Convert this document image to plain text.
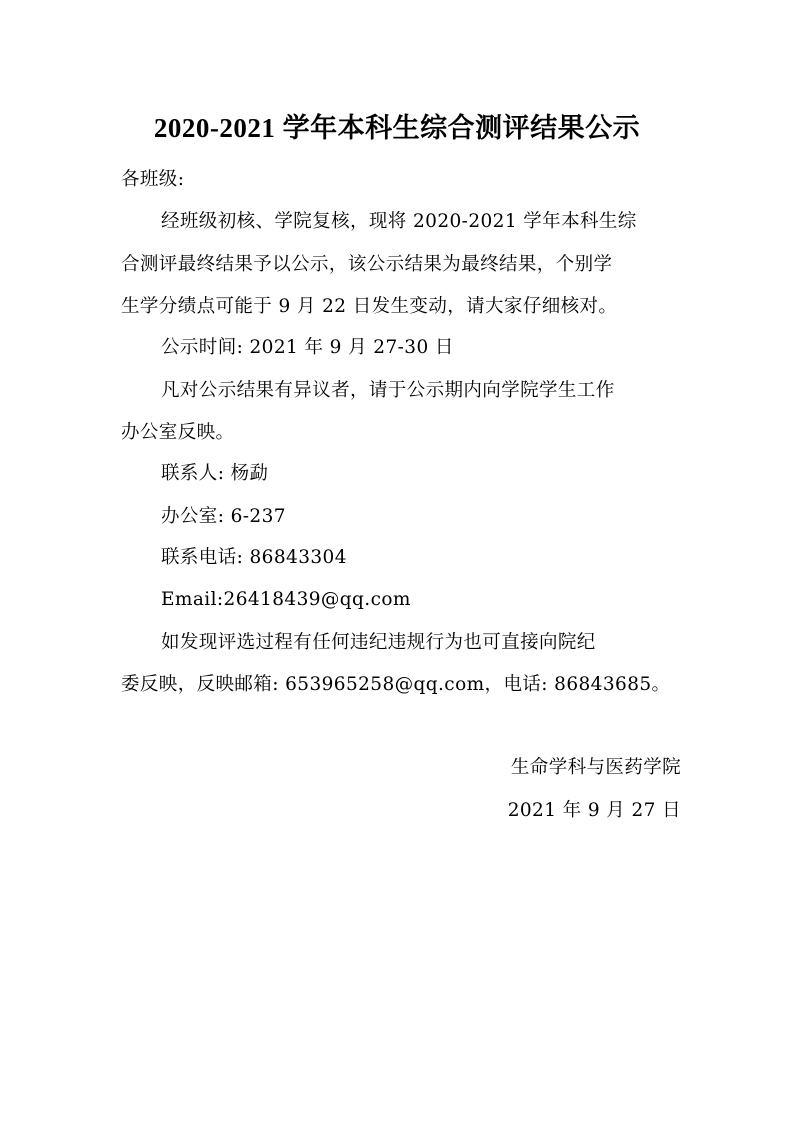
2020-2021 学年本科生综合测评结果公示
各班级:
经班级初核、学院复核，现将 2020-2021 学年本科生综
合测评最终结果予以公示，该公示结果为最终结果，个别学
生学分绩点可能于 9 月 22 日发生变动，请大家仔细核对。
公示时间: 2021 年 9 月 27-30 日
凡对公示结果有异议者，请于公示期内向学院学生工作
办公室反映。
联系人: 杨勐
办公室: 6-237
联系电话: 86843304
Email:26418439@qq.com
如发现评选过程有任何违纪违规行为也可直接向院纪
委反映，反映邮箱: 653965258@qq.com，电话: 86843685。
生命学科与医药学院
2021 年 9 月 27 日
